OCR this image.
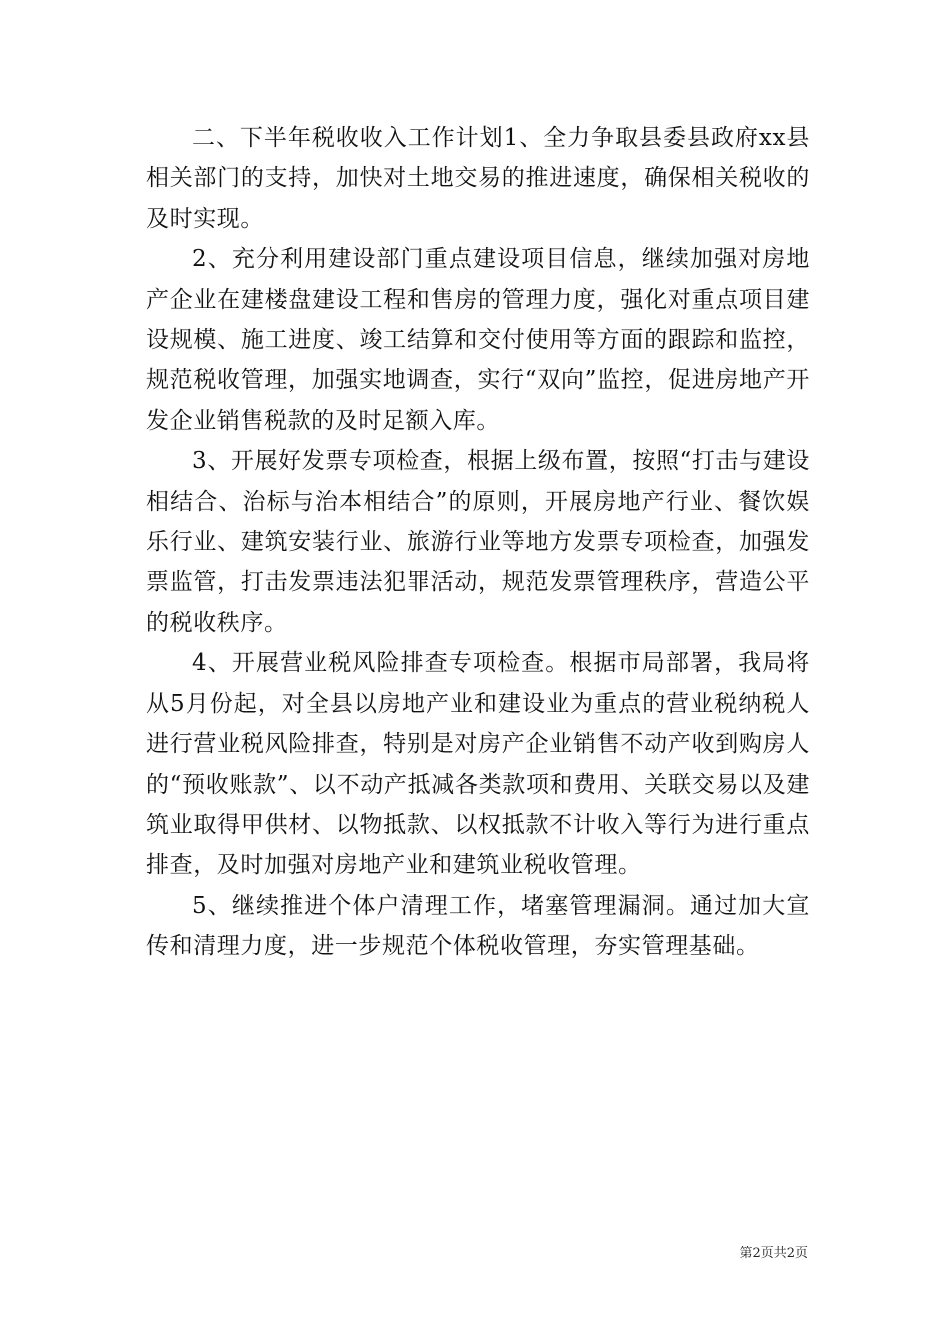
二、下半年税收收入工作计划1、全力争取县委县政府xx县相关部门的支持，加快对土地交易的推进速度，确保相关税收的及时实现。

2、充分利用建设部门重点建设项目信息，继续加强对房地产企业在建楼盘建设工程和售房的管理力度，强化对重点项目建设规模、施工进度、竣工结算和交付使用等方面的跟踪和监控，规范税收管理，加强实地调查，实行“双向”监控，促进房地产开发企业销售税款的及时足额入库。

3、开展好发票专项检查，根据上级布置，按照“打击与建设相结合、治标与治本相结合”的原则，开展房地产行业、餐饮娱乐行业、建筑安装行业、旅游行业等地方发票专项检查，加强发票监管，打击发票违法犯罪活动，规范发票管理秩序，营造公平的税收秩序。

4、开展营业税风险排查专项检查。根据市局部署，我局将从5月份起，对全县以房地产业和建设业为重点的营业税纳税人进行营业税风险排查，特别是对房产企业销售不动产收到购房人的“预收账款”、以不动产抵减各类款项和费用、关联交易以及建筑业取得甲供材、以物抵款、以权抵款不计收入等行为进行重点排查，及时加强对房地产业和建筑业税收管理。

5、继续推进个体户清理工作，堵塞管理漏洞。通过加大宣传和清理力度，进一步规范个体税收管理，夯实管理基础。

第2页共2页
